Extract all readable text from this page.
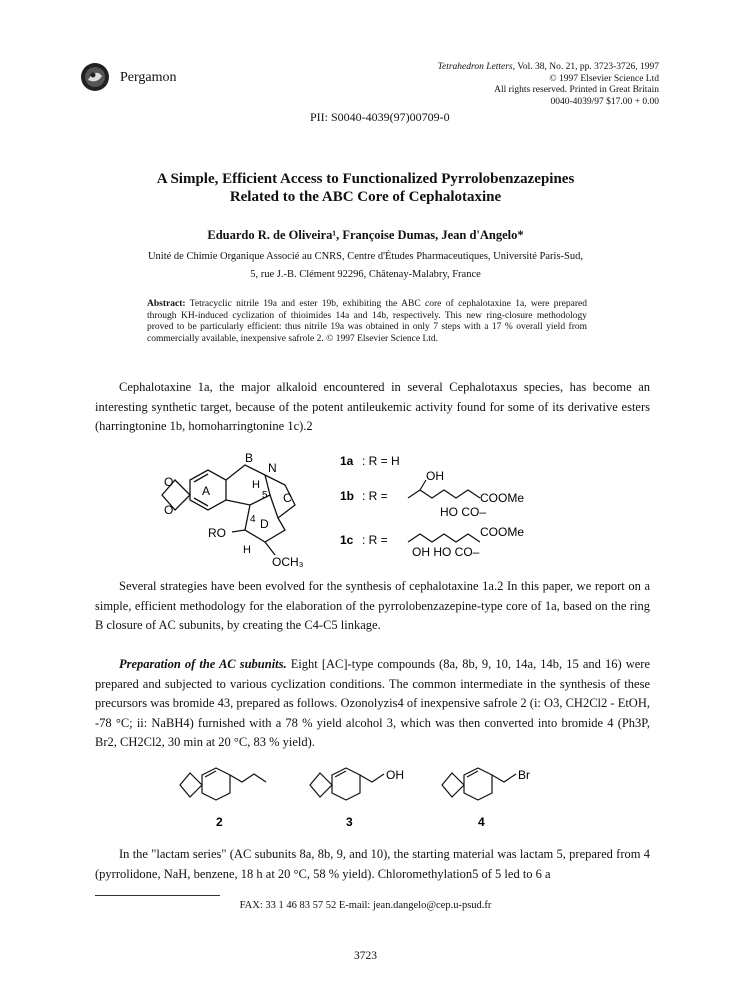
Pergamon
Tetrahedron Letters, Vol. 38, No. 21, pp. 3723-3726, 1997
© 1997 Elsevier Science Ltd
All rights reserved. Printed in Great Britain
0040-4039/97 $17.00 + 0.00
PII: S0040-4039(97)00709-0
A Simple, Efficient Access to Functionalized Pyrrolobenzazepines
Related to the ABC Core of Cephalotaxine
Eduardo R. de Oliveira¹, Françoise Dumas, Jean d'Angelo*
Unité de Chimie Organique Associé au CNRS, Centre d'Études Pharmaceutiques, Université Paris-Sud,
5, rue J.-B. Clément 92296, Châtenay-Malabry, France
Abstract: Tetracyclic nitrile 19a and ester 19b, exhibiting the ABC core of cephalotaxine 1a, were prepared through KH-induced cyclization of thioimides 14a and 14b, respectively. This new ring-closure methodology proved to be particularly efficient: thus nitrile 19a was obtained in only 7 steps with a 17 % overall yield from commercially available, inexpensive safrole 2. © 1997 Elsevier Science Ltd.
Cephalotaxine 1a, the major alkaloid encountered in several Cephalotaxus species, has become an interesting synthetic target, because of the potent antileukemic activity found for some of its derivative esters (harringtonine 1b, homoharringtonine 1c).2
O
O
N
H
5
4
RO
H
OCH₃
A
B
C
D
1a : R = H
1b : R =
1c : R =
OH
COOMe
HO CO–
COOMe
OH HO CO–
Several strategies have been evolved for the synthesis of cephalotaxine 1a.2 In this paper, we report on a simple, efficient methodology for the elaboration of the pyrrolobenzazepine-type core of 1a, based on the ring B closure of AC subunits, by creating the C4-C5 linkage.
Preparation of the AC subunits. Eight [AC]-type compounds (8a, 8b, 9, 10, 14a, 14b, 15 and 16) were prepared and subjected to various cyclization conditions. The common intermediate in the synthesis of these precursors was bromide 43, prepared as follows. Ozonolyzis4 of inexpensive safrole 2 (i: O3, CH2Cl2 - EtOH, -78 °C; ii: NaBH4) furnished with a 78 % yield alcohol 3, which was then converted into bromide 4 (Ph3P, Br2, CH2Cl2, 30 min at 20 °C, 83 % yield).
OH	Br
2	3	4
In the "lactam series" (AC subunits 8a, 8b, 9, and 10), the starting material was lactam 5, prepared from 4 (pyrrolidone, NaH, benzene, 18 h at 20 °C, 58 % yield). Chloromethylation5 of 5 led to 6 a
FAX: 33 1 46 83 57 52 E-mail: jean.dangelo@cep.u-psud.fr
3723
